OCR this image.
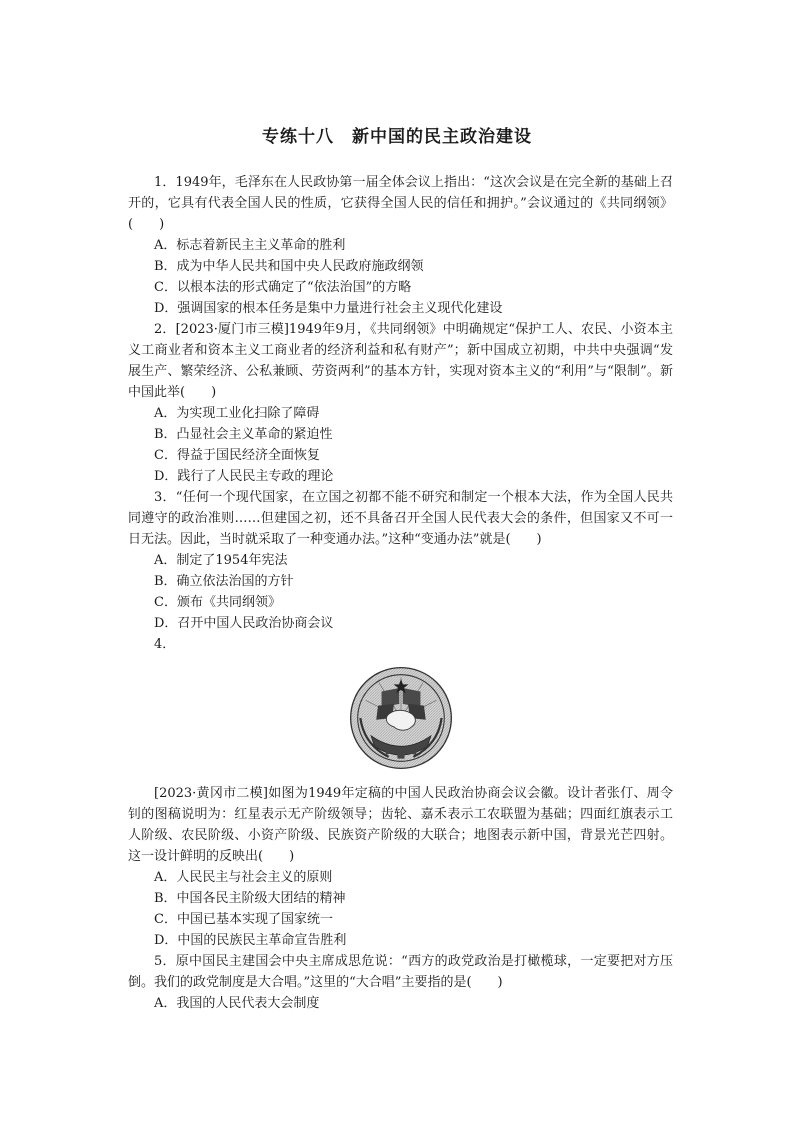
专练十八　新中国的民主政治建设

1．1949年，毛泽东在人民政协第一届全体会议上指出：“这次会议是在完全新的基础上召开的，它具有代表全国人民的性质，它获得全国人民的信任和拥护。”会议通过的《共同纲领》(　　)

A．标志着新民主主义革命的胜利

B．成为中华人民共和国中央人民政府施政纲领

C．以根本法的形式确定了“依法治国”的方略

D．强调国家的根本任务是集中力量进行社会主义现代化建设

2．[2023·厦门市三模]1949年9月，《共同纲领》中明确规定“保护工人、农民、小资本主义工商业者和资本主义工商业者的经济利益和私有财产”；新中国成立初期，中共中央强调“发展生产、繁荣经济、公私兼顾、劳资两利”的基本方针，实现对资本主义的“利用”与“限制”。新中国此举(　　)

A．为实现工业化扫除了障碍

B．凸显社会主义革命的紧迫性

C．得益于国民经济全面恢复

D．践行了人民民主专政的理论

3．“任何一个现代国家，在立国之初都不能不研究和制定一个根本大法，作为全国人民共同遵守的政治准则……但建国之初，还不具备召开全国人民代表大会的条件，但国家又不可一日无法。因此，当时就采取了一种变通办法。”这种“变通办法”就是(　　)

A．制定了1954年宪法

B．确立依法治国的方针

C．颁布《共同纲领》

D．召开中国人民政治协商会议

4．

[2023·黄冈市二模]如图为1949年定稿的中国人民政治协商会议会徽。设计者张仃、周令钊的图稿说明为：红星表示无产阶级领导；齿轮、嘉禾表示工农联盟为基础；四面红旗表示工人阶级、农民阶级、小资产阶级、民族资产阶级的大联合；地图表示新中国，背景光芒四射。这一设计鲜明的反映出(　　)

A．人民民主与社会主义的原则

B．中国各民主阶级大团结的精神

C．中国已基本实现了国家统一

D．中国的民族民主革命宣告胜利

5．原中国民主建国会中央主席成思危说：“西方的政党政治是打橄榄球，一定要把对方压倒。我们的政党制度是大合唱。”这里的“大合唱”主要指的是(　　)

A．我国的人民代表大会制度
